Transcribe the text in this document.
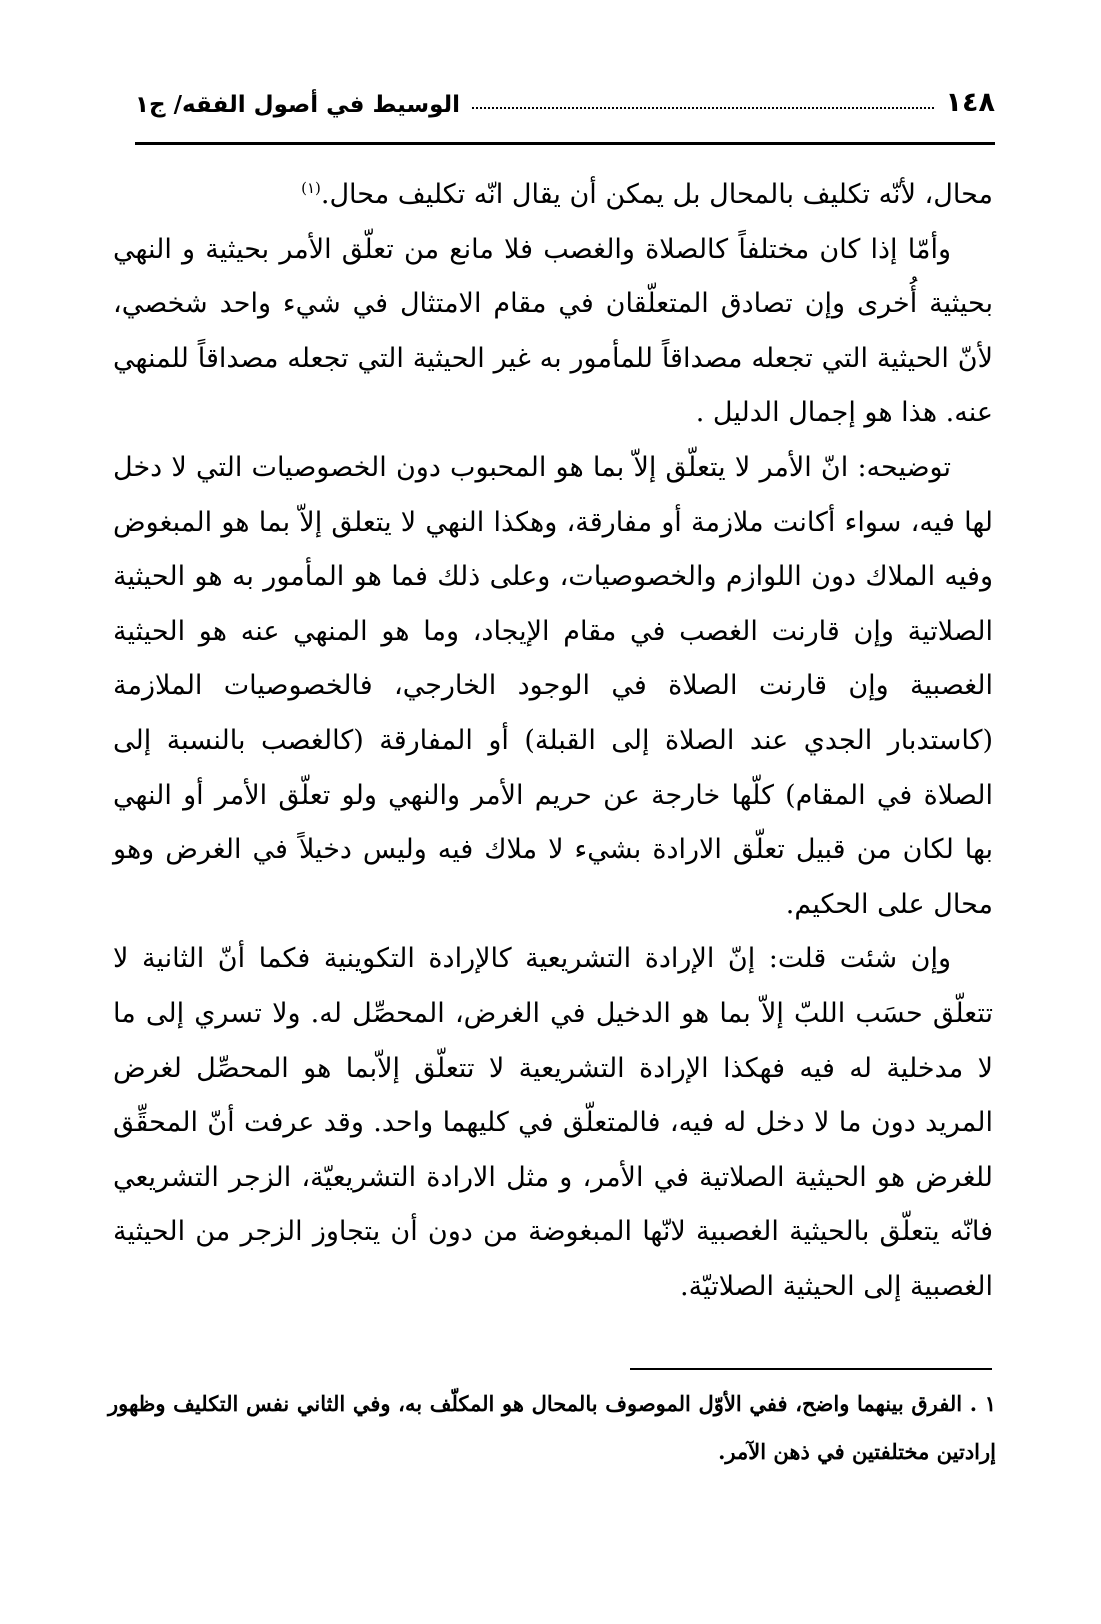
١٤٨
الوسيط في أصول الفقه/ ج١

محال، لأنّه تكليف بالمحال بل يمكن أن يقال انّه تكليف محال.$^{(١)}$

وأمّا إذا كان مختلفاً كالصلاة والغصب فلا مانع من تعلّق الأمر بحيثية و النهي بحيثية أُخرى وإن تصادق المتعلّقان في مقام الامتثال في شيء واحد شخصي، لأنّ الحيثية التي تجعله مصداقاً للمأمور به غير الحيثية التي تجعله مصداقاً للمنهي عنه. هذا هو إجمال الدليل .

توضيحه: انّ الأمر لا يتعلّق إلاّ بما هو المحبوب دون الخصوصيات التي لا دخل لها فيه، سواء أكانت ملازمة أو مفارقة، وهكذا النهي لا يتعلق إلاّ بما هو المبغوض وفيه الملاك دون اللوازم والخصوصيات، وعلى ذلك فما هو المأمور به هو الحيثية الصلاتية وإن قارنت الغصب في مقام الإيجاد، وما هو المنهي عنه هو الحيثية الغصبية وإن قارنت الصلاة في الوجود الخارجي، فالخصوصيات الملازمة (كاستدبار الجدي عند الصلاة إلى القبلة) أو المفارقة (كالغصب بالنسبة إلى الصلاة في المقام) كلّها خارجة عن حريم الأمر والنهي ولو تعلّق الأمر أو النهي بها لكان من قبيل تعلّق الارادة بشيء لا ملاك فيه وليس دخيلاً في الغرض وهو محال على الحكيم.

وإن شئت قلت: إنّ الإرادة التشريعية كالإرادة التكوينية فكما أنّ الثانية لا تتعلّق حسَب اللبّ إلاّ بما هو الدخيل في الغرض، المحصِّل له. ولا تسري إلى ما لا مدخلية له فيه فهكذا الإرادة التشريعية لا تتعلّق إلاّبما هو المحصِّل لغرض المريد دون ما لا دخل له فيه، فالمتعلّق في كليهما واحد. وقد عرفت أنّ المحقِّق للغرض هو الحيثية الصلاتية في الأمر، و مثل الارادة التشريعيّة، الزجر التشريعي فانّه يتعلّق بالحيثية الغصبية لانّها المبغوضة من دون أن يتجاوز الزجر من الحيثية الغصبية إلى الحيثية الصلاتيّة.

١ . الفرق بينهما واضح، ففي الأوّل الموصوف بالمحال هو المكلّف به، وفي الثاني نفس التكليف وظهور إرادتين مختلفتين في ذهن الآمر.
